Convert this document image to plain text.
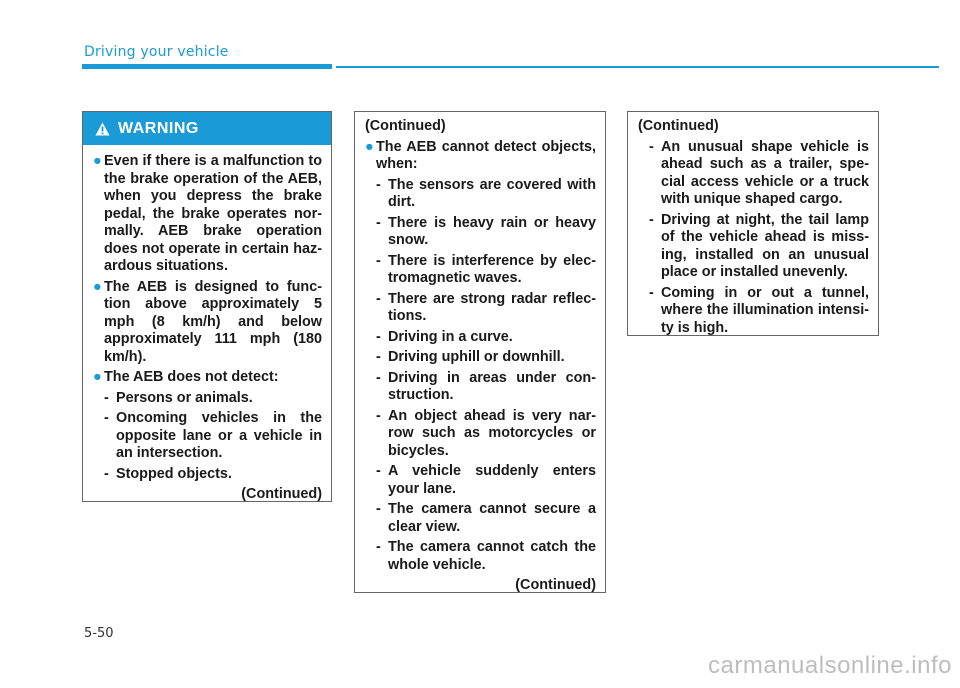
Driving your vehicle
WARNING
● Even if there is a malfunction to the brake operation of the AEB, when you depress the brake pedal, the brake operates nor-mally. AEB brake operation does not operate in certain haz-ardous situations.
● The AEB is designed to func-tion above approximately 5 mph (8 km/h) and below approximately 111 mph (180 km/h).
● The AEB does not detect:
- Persons or animals.
- Oncoming vehicles in the opposite lane or a vehicle in an intersection.
- Stopped objects.
(Continued)
(Continued)
● The AEB cannot detect objects, when:
- The sensors are covered with dirt.
- There is heavy rain or heavy snow.
- There is interference by elec-tromagnetic waves.
- There are strong radar reflec-tions.
- Driving in a curve.
- Driving uphill or downhill.
- Driving in areas under con-struction.
- An object ahead is very nar-row such as motorcycles or bicycles.
- A vehicle suddenly enters your lane.
- The camera cannot secure a clear view.
- The camera cannot catch the whole vehicle.
(Continued)
(Continued)
- An unusual shape vehicle is ahead such as a trailer, spe-cial access vehicle or a truck with unique shaped cargo.
- Driving at night, the tail lamp of the vehicle ahead is miss-ing, installed on an unusual place or installed unevenly.
- Coming in or out a tunnel, where the illumination intensi-ty is high.
5-50
carmanualsonline.info
